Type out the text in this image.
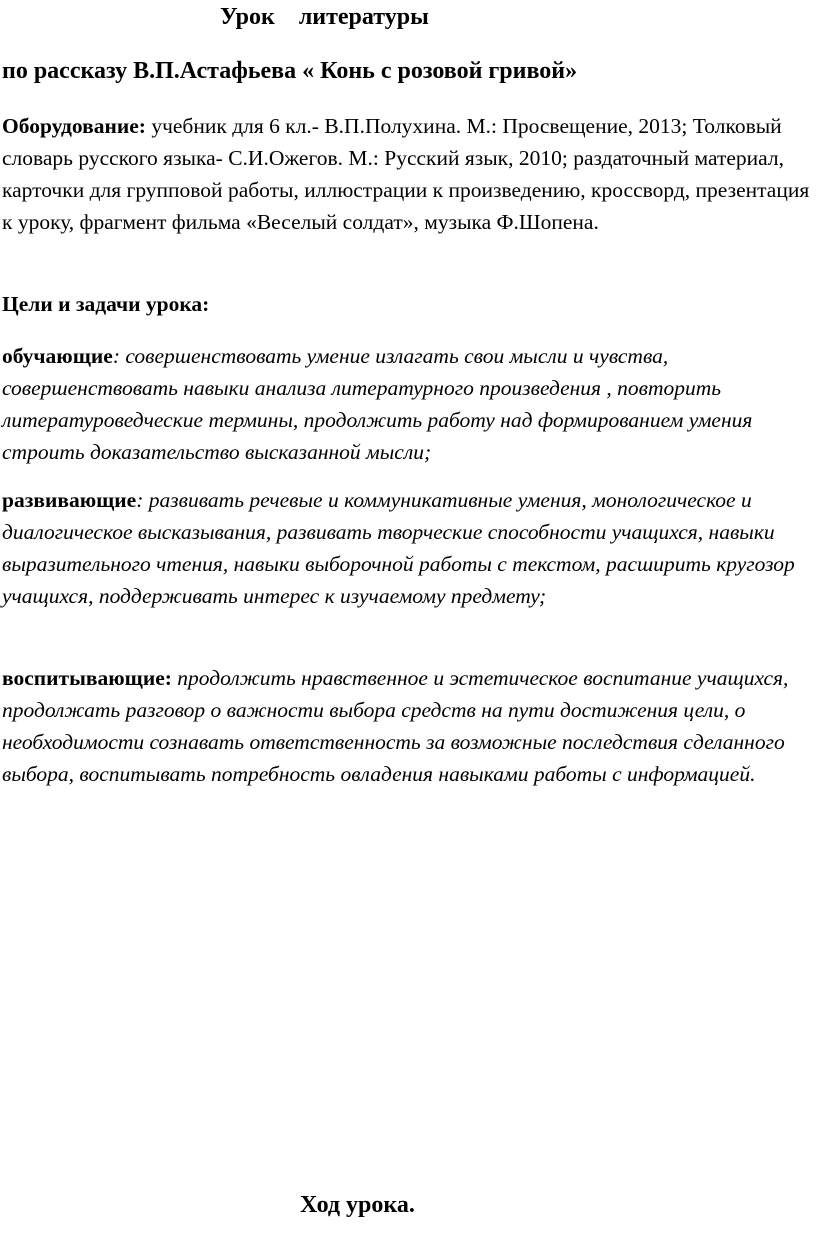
Урок    литературы
по рассказу В.П.Астафьева « Конь с розовой гривой»

Оборудование: учебник для 6 кл.- В.П.Полухина. М.: Просвещение, 2013; Толковый словарь русского языка- С.И.Ожегов. М.: Русский язык, 2010; раздаточный материал, карточки для групповой работы, иллюстрации к произведению, кроссворд, презентация к уроку, фрагмент фильма «Веселый солдат», музыка Ф.Шопена.

Цели и задачи урока:

обучающие: совершенствовать умение излагать свои мысли и чувства, совершенствовать навыки анализа литературного произведения , повторить литературоведческие термины, продолжить работу над формированием умения строить доказательство высказанной мысли;

развивающие: развивать речевые и коммуникативные умения, монологическое и диалогическое высказывания, развивать творческие способности учащихся, навыки выразительного чтения, навыки выборочной работы с текстом, расширить кругозор учащихся, поддерживать интерес к изучаемому предмету;

воспитывающие: продолжить нравственное и эстетическое воспитание учащихся, продолжать разговор о важности выбора средств на пути достижения цели, о необходимости сознавать ответственность за возможные последствия сделанного выбора, воспитывать потребность овладения навыками работы с информацией.

Ход урока.
